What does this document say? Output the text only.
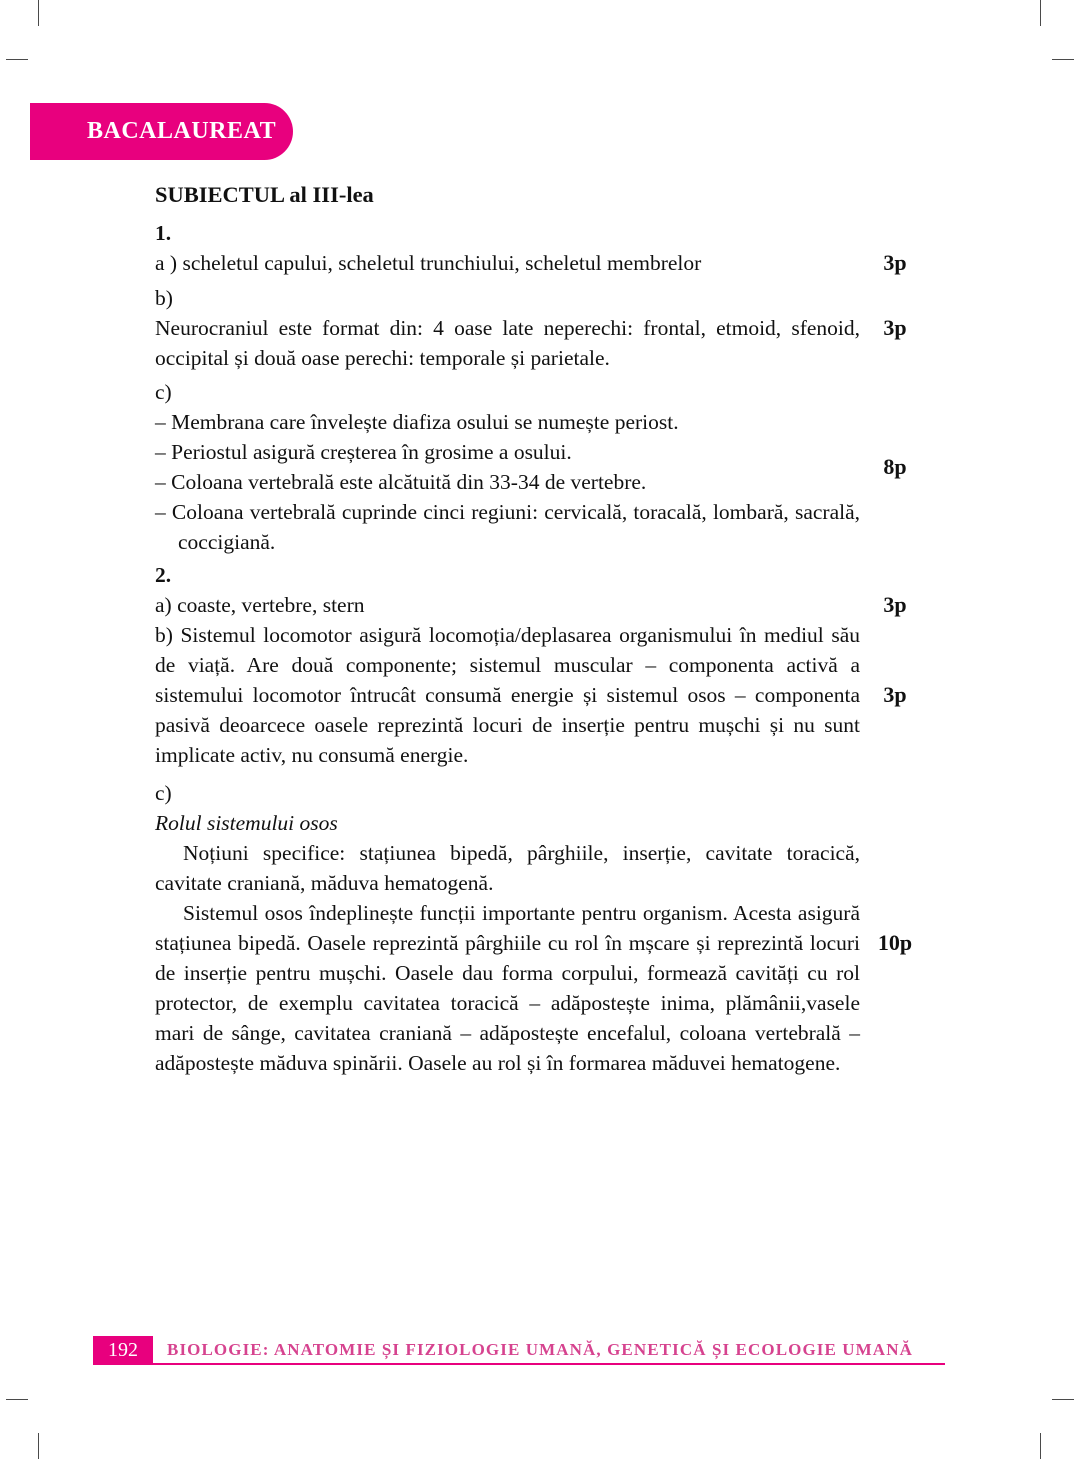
BACALAUREAT
SUBIECTUL al III-lea
1.
a ) scheletul capului, scheletul trunchiului, scheletul membrelor	3p
b)
Neurocraniul este format din: 4 oase late neperechi: frontal, etmoid, sfenoid, occipital și două oase perechi: temporale și parietale.
3p
c)
– Membrana care învelește diafiza osului se numește periost.
– Periostul asigură creșterea în grosime a osului.
– Coloana vertebrală este alcătuită din 33-34 de vertebre.
– Coloana vertebrală cuprinde cinci regiuni: cervicală, toracală, lombară, sacrală, coccigiană.
8p
2.
a) coaste, vertebre, stern	3p
b) Sistemul locomotor asigură locomoția/deplasarea organismului în mediul său de viață. Are două componente; sistemul muscular – componenta activă a sistemului locomotor întrucât consumă energie și sistemul osos – componenta pasivă deoarcece oasele reprezintă locuri de inserție pentru mușchi și nu sunt implicate activ, nu consumă energie.
3p
c)
Rolul sistemului osos
Noțiuni specifice: stațiunea bipedă, pârghiile, inserție, cavitate toracică, cavitate craniană, măduva hematogenă.
Sistemul osos îndeplinește funcții importante pentru organism. Acesta asigură stațiunea bipedă. Oasele reprezintă pârghiile cu rol în mșcare și reprezintă locuri de inserție pentru mușchi. Oasele dau forma corpului, formează cavități cu rol protector, de exemplu cavitatea toracică – adăpostește inima, plămânii,vasele mari de sânge, cavitatea craniană – adăpostește encefalul, coloana vertebrală – adăpostește măduva spinării. Oasele au rol și în formarea măduvei hematogene.
10p
192 BIOLOGIE: ANATOMIE ȘI FIZIOLOGIE UMANĂ, GENETICĂ ȘI ECOLOGIE UMANĂ
